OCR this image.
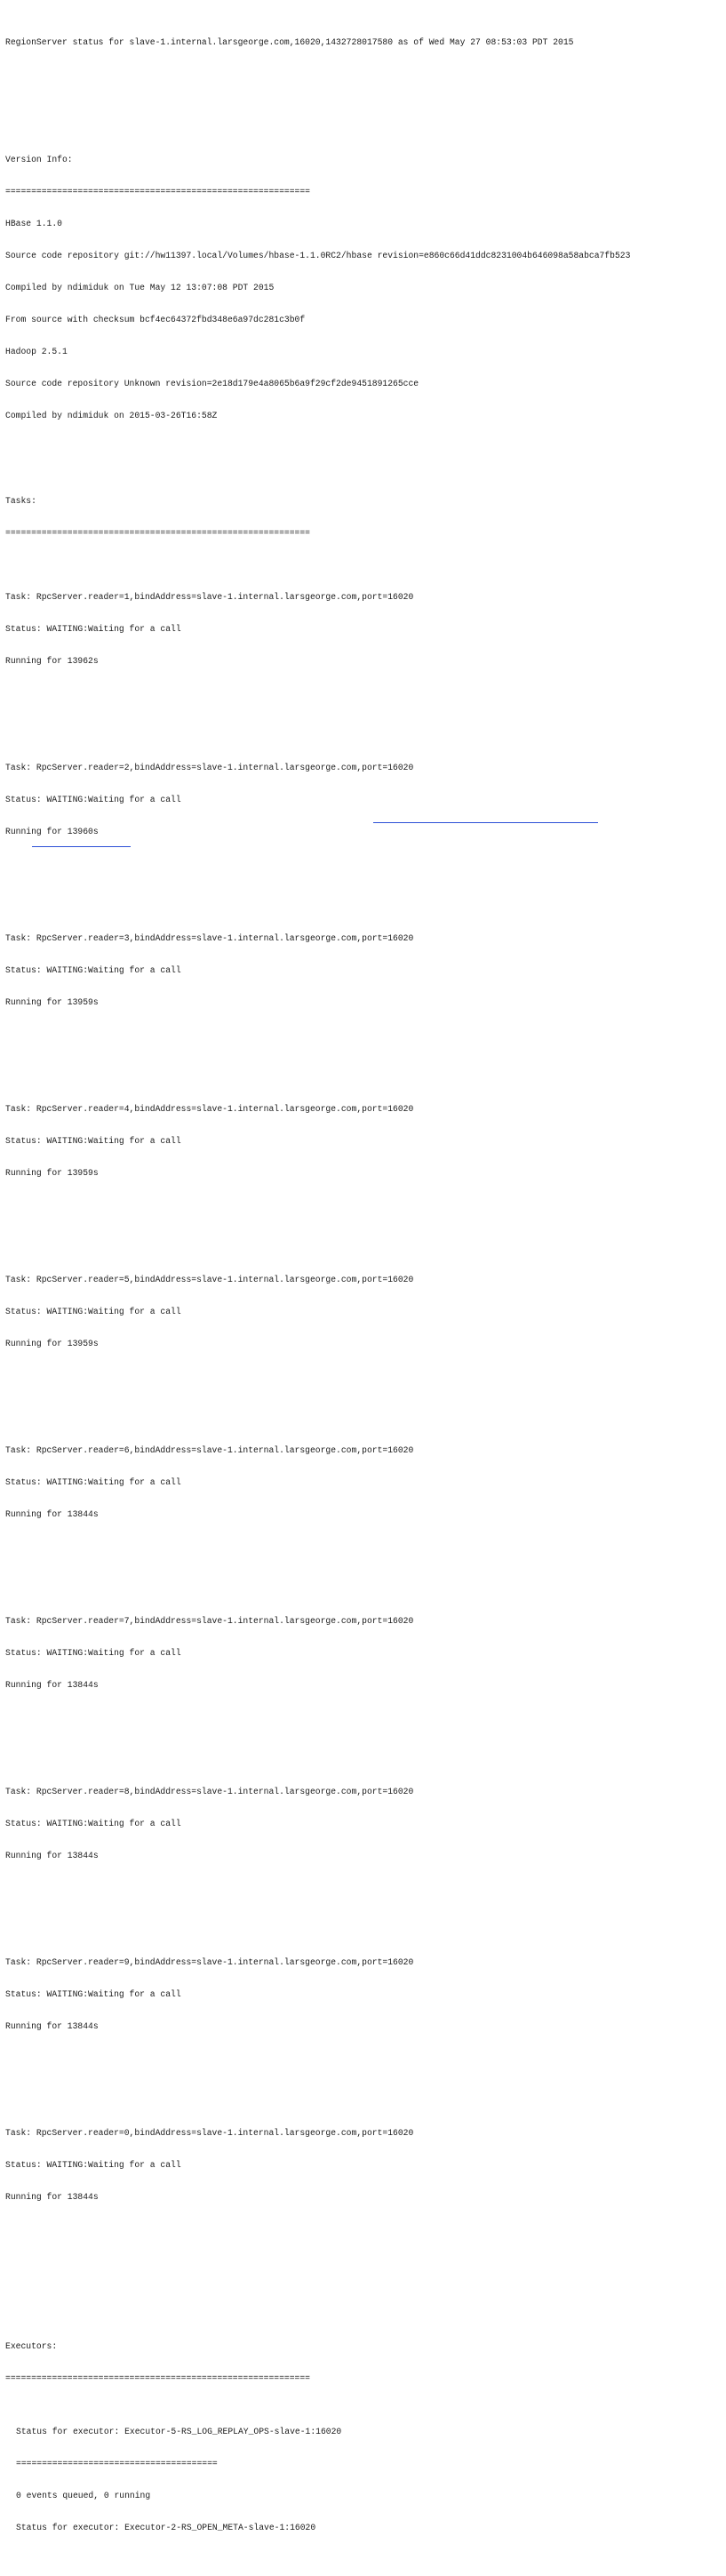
RegionServer status for slave-1.internal.larsgeorge.com,16020,1432728017580 as of Wed May 27 08:53:03 PDT 2015

Version Info:

===========================================================

HBase 1.1.0

Source code repository git://hw11397.local/Volumes/hbase-1.1.0RC2/hbase revision=e860c66d41ddc8231004b646098a58abca7fb523

Compiled by ndimiduk on Tue May 12 13:07:08 PDT 2015

From source with checksum bcf4ec64372fbd348e6a97dc281c3b0f

Hadoop 2.5.1

Source code repository Unknown revision=2e18d179e4a8065b6a9f29cf2de9451891265cce

Compiled by ndimiduk on 2015-03-26T16:58Z

Tasks:

===========================================================

Task: RpcServer.reader=1,bindAddress=slave-1.internal.larsgeorge.com,port=16020

Status: WAITING:Waiting for a call

Running for 13962s

Task: RpcServer.reader=2,bindAddress=slave-1.internal.larsgeorge.com,port=16020

Status: WAITING:Waiting for a call

Running for 13960s

Task: RpcServer.reader=3,bindAddress=slave-1.internal.larsgeorge.com,port=16020

Status: WAITING:Waiting for a call

Running for 13959s

Task: RpcServer.reader=4,bindAddress=slave-1.internal.larsgeorge.com,port=16020

Status: WAITING:Waiting for a call

Running for 13959s

Task: RpcServer.reader=5,bindAddress=slave-1.internal.larsgeorge.com,port=16020

Status: WAITING:Waiting for a call

Running for 13959s

Task: RpcServer.reader=6,bindAddress=slave-1.internal.larsgeorge.com,port=16020

Status: WAITING:Waiting for a call

Running for 13844s

Task: RpcServer.reader=7,bindAddress=slave-1.internal.larsgeorge.com,port=16020

Status: WAITING:Waiting for a call

Running for 13844s

Task: RpcServer.reader=8,bindAddress=slave-1.internal.larsgeorge.com,port=16020

Status: WAITING:Waiting for a call

Running for 13844s

Task: RpcServer.reader=9,bindAddress=slave-1.internal.larsgeorge.com,port=16020

Status: WAITING:Waiting for a call

Running for 13844s

Task: RpcServer.reader=0,bindAddress=slave-1.internal.larsgeorge.com,port=16020

Status: WAITING:Waiting for a call

Running for 13844s

Executors:

===========================================================

Status for executor: Executor-5-RS_LOG_REPLAY_OPS-slave-1:16020

=======================================

0 events queued, 0 running

Status for executor: Executor-2-RS_OPEN_META-slave-1:16020
